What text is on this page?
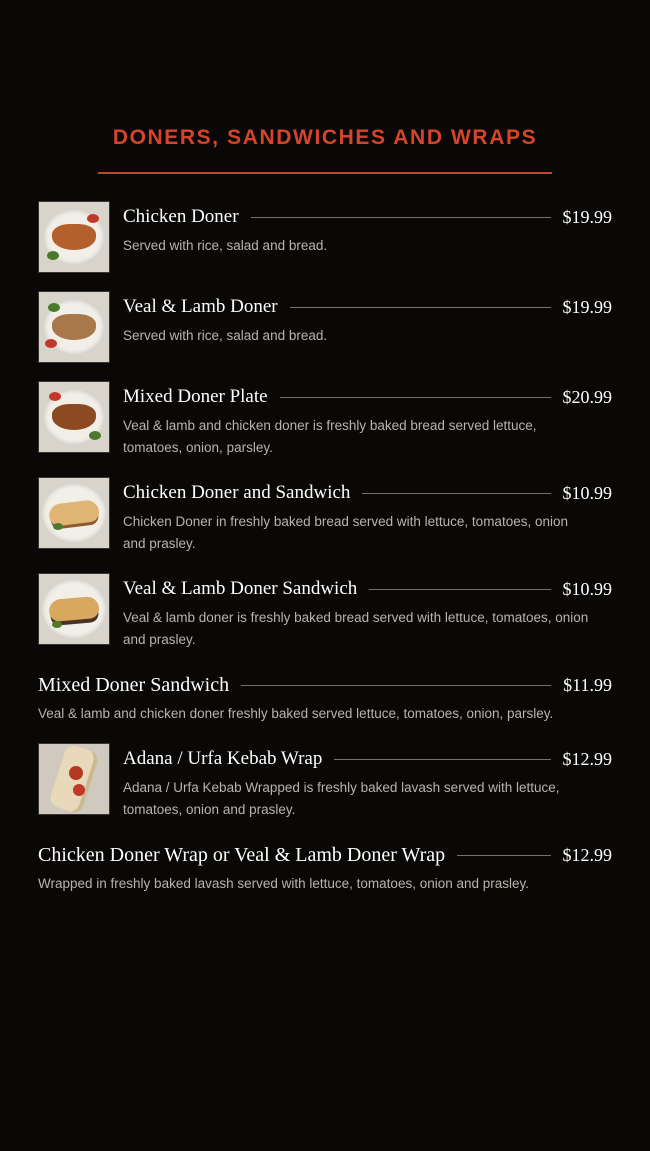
DONERS, SANDWICHES AND WRAPS
Chicken Doner	$19.99
Served with rice, salad and bread.
Veal & Lamb Doner	$19.99
Served with rice, salad and bread.
Mixed Doner Plate	$20.99
Veal & lamb and chicken doner is freshly baked bread served lettuce, tomatoes, onion, parsley.
Chicken Doner and Sandwich	$10.99
Chicken Doner in freshly baked bread served with lettuce, tomatoes, onion and prasley.
Veal & Lamb Doner Sandwich	$10.99
Veal & lamb doner is freshly baked bread served with lettuce, tomatoes, onion and prasley.
Mixed Doner Sandwich	$11.99
Veal & lamb and chicken doner freshly baked served lettuce, tomatoes, onion, parsley.
Adana / Urfa Kebab Wrap	$12.99
Adana / Urfa Kebab Wrapped is freshly baked lavash served with lettuce, tomatoes, onion and prasley.
Chicken Doner Wrap or Veal & Lamb Doner Wrap	$12.99
Wrapped in freshly baked lavash served with lettuce, tomatoes, onion and prasley.
